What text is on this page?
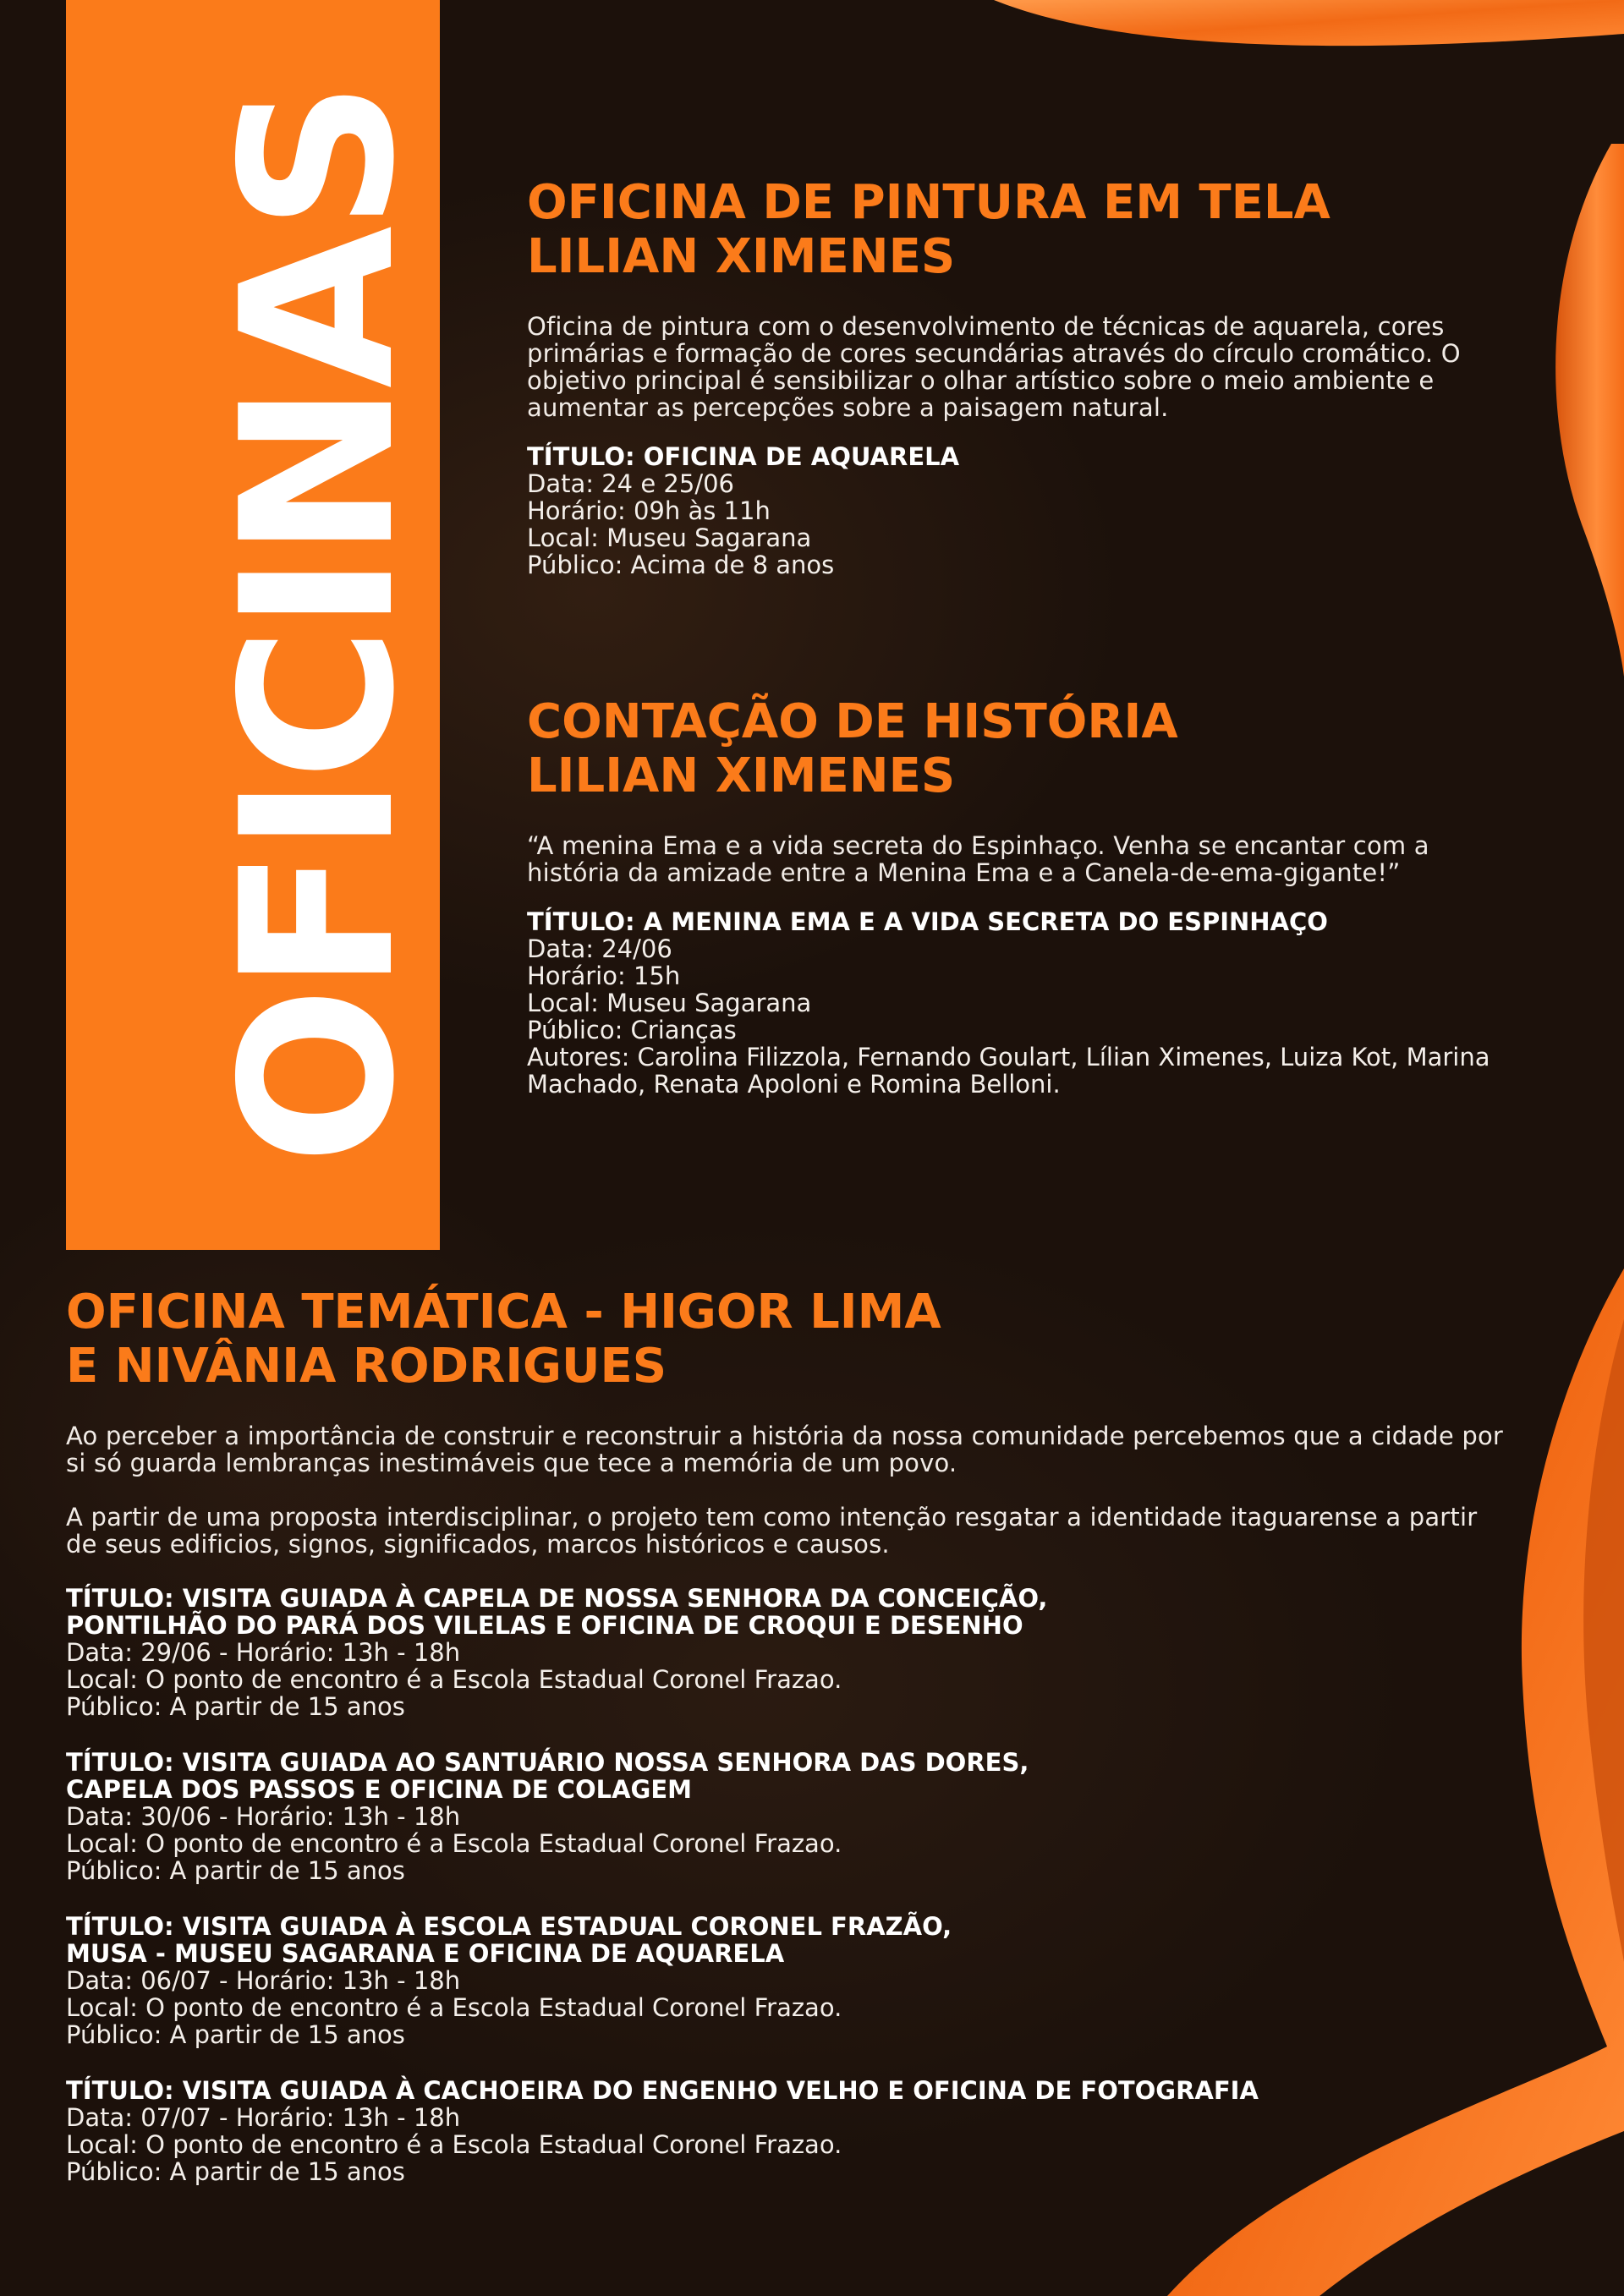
OFICINAS OFICINA DE PINTURA EM TELA
LILIAN XIMENES

Oficina de pintura com o desenvolvimento de técnicas de aquarela, cores primárias e formação de cores secundárias através do círculo cromático. O objetivo principal é sensibilizar o olhar artístico sobre o meio ambiente e aumentar as percepções sobre a paisagem natural.

TÍTULO: OFICINA DE AQUARELA
Data: 24 e 25/06
Horário: 09h às 11h
Local: Museu Sagarana
Público: Acima de 8 anos
CONTAÇÃO DE HISTÓRIA
LILIAN XIMENES

“A menina Ema e a vida secreta do Espinhaço. Venha se encantar com a história da amizade entre a Menina Ema e a Canela-de-ema-gigante!”

TÍTULO: A MENINA EMA E A VIDA SECRETA DO ESPINHAÇO
Data: 24/06
Horário: 15h
Local: Museu Sagarana
Público: Crianças
Autores: Carolina Filizzola, Fernando Goulart, Lílian Ximenes, Luiza Kot, Marina Machado, Renata Apoloni e Romina Belloni.
OFICINA TEMÁTICA - HIGOR LIMA
E NIVÂNIA RODRIGUES

Ao perceber a importância de construir e reconstruir a história da nossa comunidade percebemos que a cidade por si só guarda lembranças inestimáveis que tece a memória de um povo.

A partir de uma proposta interdisciplinar, o projeto tem como intenção resgatar a identidade itaguarense a partir de seus edificios, signos, significados, marcos históricos e causos.

TÍTULO: VISITA GUIADA À CAPELA DE NOSSA SENHORA DA CONCEIÇÃO,
PONTILHÃO DO PARÁ DOS VILELAS E OFICINA DE CROQUI E DESENHO
Data: 29/06 - Horário: 13h - 18h
Local: O ponto de encontro é a Escola Estadual Coronel Frazao.
Público: A partir de 15 anos
TÍTULO: VISITA GUIADA AO SANTUÁRIO NOSSA SENHORA DAS DORES,
CAPELA DOS PASSOS E OFICINA DE COLAGEM
Data: 30/06 - Horário: 13h - 18h
Local: O ponto de encontro é a Escola Estadual Coronel Frazao.
Público: A partir de 15 anos
TÍTULO: VISITA GUIADA À ESCOLA ESTADUAL CORONEL FRAZÃO,
MUSA - MUSEU SAGARANA E OFICINA DE AQUARELA
Data: 06/07 - Horário: 13h - 18h
Local: O ponto de encontro é a Escola Estadual Coronel Frazao.
Público: A partir de 15 anos
TÍTULO: VISITA GUIADA À CACHOEIRA DO ENGENHO VELHO E OFICINA DE FOTOGRAFIA
Data: 07/07 - Horário: 13h - 18h
Local: O ponto de encontro é a Escola Estadual Coronel Frazao.
Público: A partir de 15 anos
